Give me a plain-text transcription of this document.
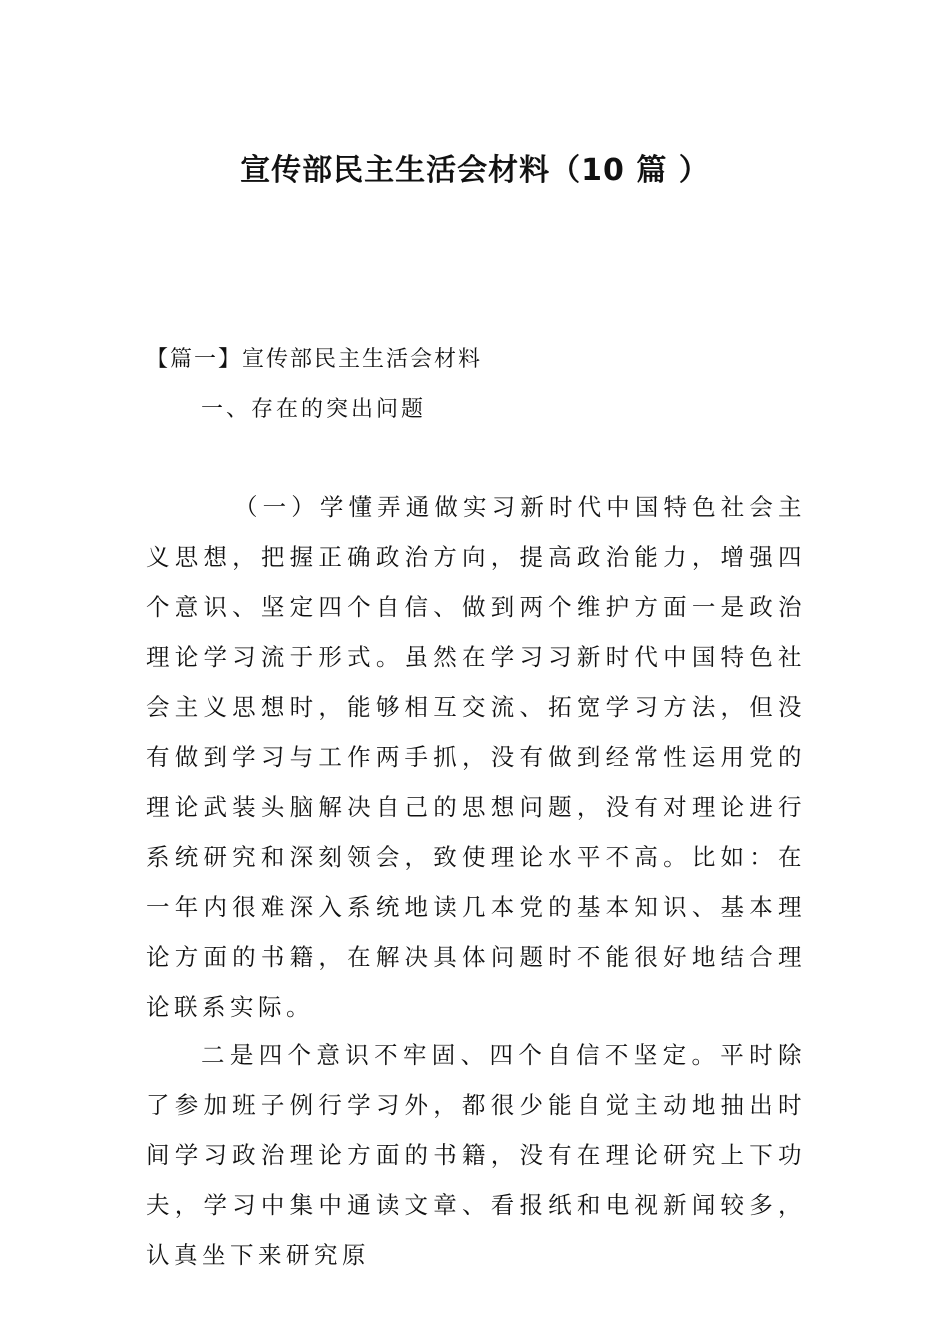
宣传部民主生活会材料（10 篇 ）
【篇一】宣传部民主生活会材料
一、存在的突出问题

（一）学懂弄通做实习新时代中国特色社会主义思想，把握正确政治方向，提高政治能力，增强四个意识、坚定四个自信、做到两个维护方面一是政治理论学习流于形式。虽然在学习习新时代中国特色社会主义思想时，能够相互交流、拓宽学习方法，但没有做到学习与工作两手抓，没有做到经常性运用党的理论武装头脑解决自己的思想问题，没有对理论进行系统研究和深刻领会，致使理论水平不高。比如：在一年内很难深入系统地读几本党的基本知识、基本理论方面的书籍，在解决具体问题时不能很好地结合理论联系实际。

二是四个意识不牢固、四个自信不坚定。平时除了参加班子例行学习外，都很少能自觉主动地抽出时间学习政治理论方面的书籍，没有在理论研究上下功夫，学习中集中通读文章、看报纸和电视新闻较多，认真坐下来研究原
